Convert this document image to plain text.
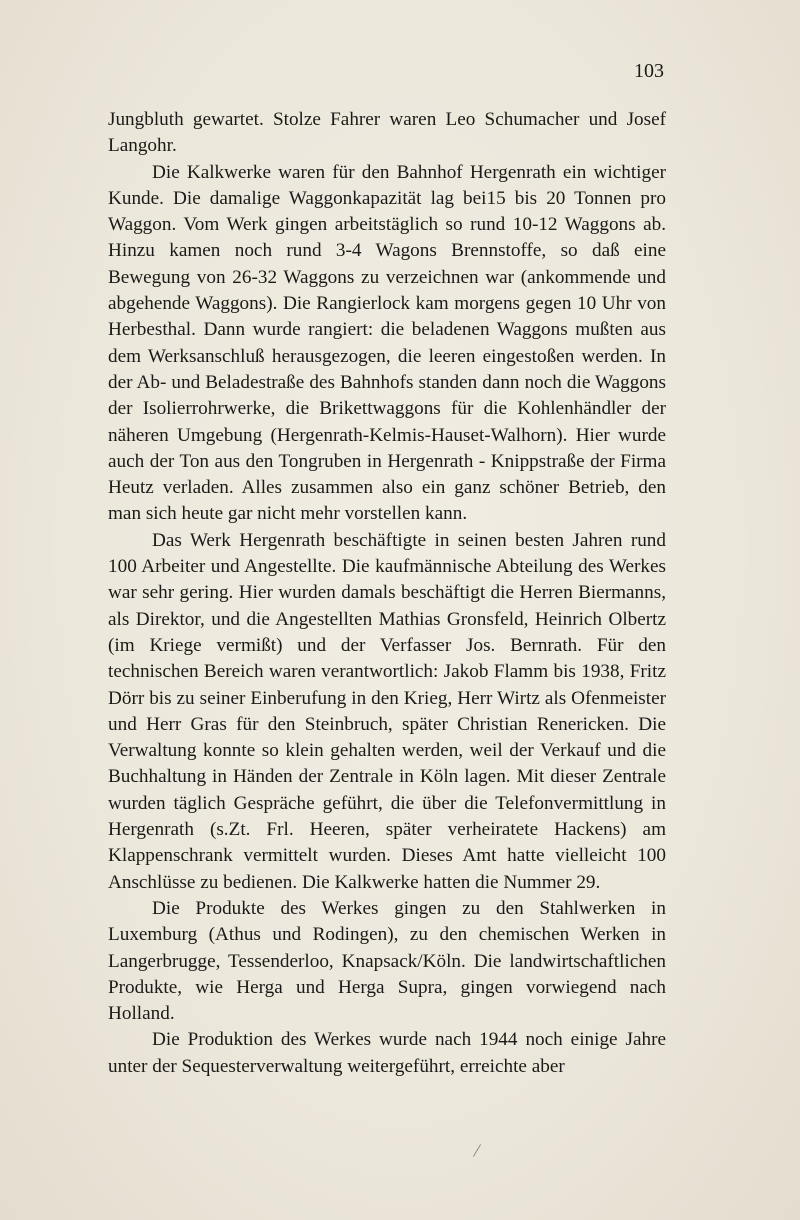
103

Jungbluth gewartet. Stolze Fahrer waren Leo Schumacher und Josef Langohr.

Die Kalkwerke waren für den Bahnhof Hergenrath ein wichtiger Kunde. Die damalige Waggonkapazität lag bei15 bis 20 Tonnen pro Waggon. Vom Werk gingen arbeitstäglich so rund 10-12 Waggons ab. Hinzu kamen noch rund 3-4 Wagons Brennstoffe, so daß eine Bewegung von 26-32 Waggons zu verzeichnen war (ankommende und abgehende Waggons). Die Rangierlock kam morgens gegen 10 Uhr von Herbesthal. Dann wurde rangiert: die beladenen Waggons mußten aus dem Werksanschluß herausgezogen, die leeren eingestoßen werden. In der Ab- und Beladestraße des Bahnhofs standen dann noch die Waggons der Isolierrohrwerke, die Brikettwaggons für die Kohlenhändler der näheren Umgebung (Hergenrath-Kelmis-Hauset-Walhorn). Hier wurde auch der Ton aus den Tongruben in Hergenrath - Knippstraße der Firma Heutz verladen. Alles zusammen also ein ganz schöner Betrieb, den man sich heute gar nicht mehr vorstellen kann.

Das Werk Hergenrath beschäftigte in seinen besten Jahren rund 100 Arbeiter und Angestellte. Die kaufmännische Abteilung des Werkes war sehr gering. Hier wurden damals beschäftigt die Herren Biermanns, als Direktor, und die Angestellten Mathias Gronsfeld, Heinrich Olbertz (im Kriege vermißt) und der Verfasser Jos. Bernrath. Für den technischen Bereich waren verantwortlich: Jakob Flamm bis 1938, Fritz Dörr bis zu seiner Einberufung in den Krieg, Herr Wirtz als Ofenmeister und Herr Gras für den Steinbruch, später Christian Renericken. Die Verwaltung konnte so klein gehalten werden, weil der Verkauf und die Buchhaltung in Händen der Zentrale in Köln lagen. Mit dieser Zentrale wurden täglich Gespräche geführt, die über die Telefonvermittlung in Hergenrath (s.Zt. Frl. Heeren, später verheiratete Hackens) am Klappenschrank vermittelt wurden. Dieses Amt hatte vielleicht 100 Anschlüsse zu bedienen. Die Kalkwerke hatten die Nummer 29.

Die Produkte des Werkes gingen zu den Stahlwerken in Luxemburg (Athus und Rodingen), zu den chemischen Werken in Langerbrugge, Tessenderloo, Knapsack/Köln. Die landwirtschaftlichen Produkte, wie Herga und Herga Supra, gingen vorwiegend nach Holland.

Die Produktion des Werkes wurde nach 1944 noch einige Jahre unter der Sequesterverwaltung weitergeführt, erreichte aber

/
